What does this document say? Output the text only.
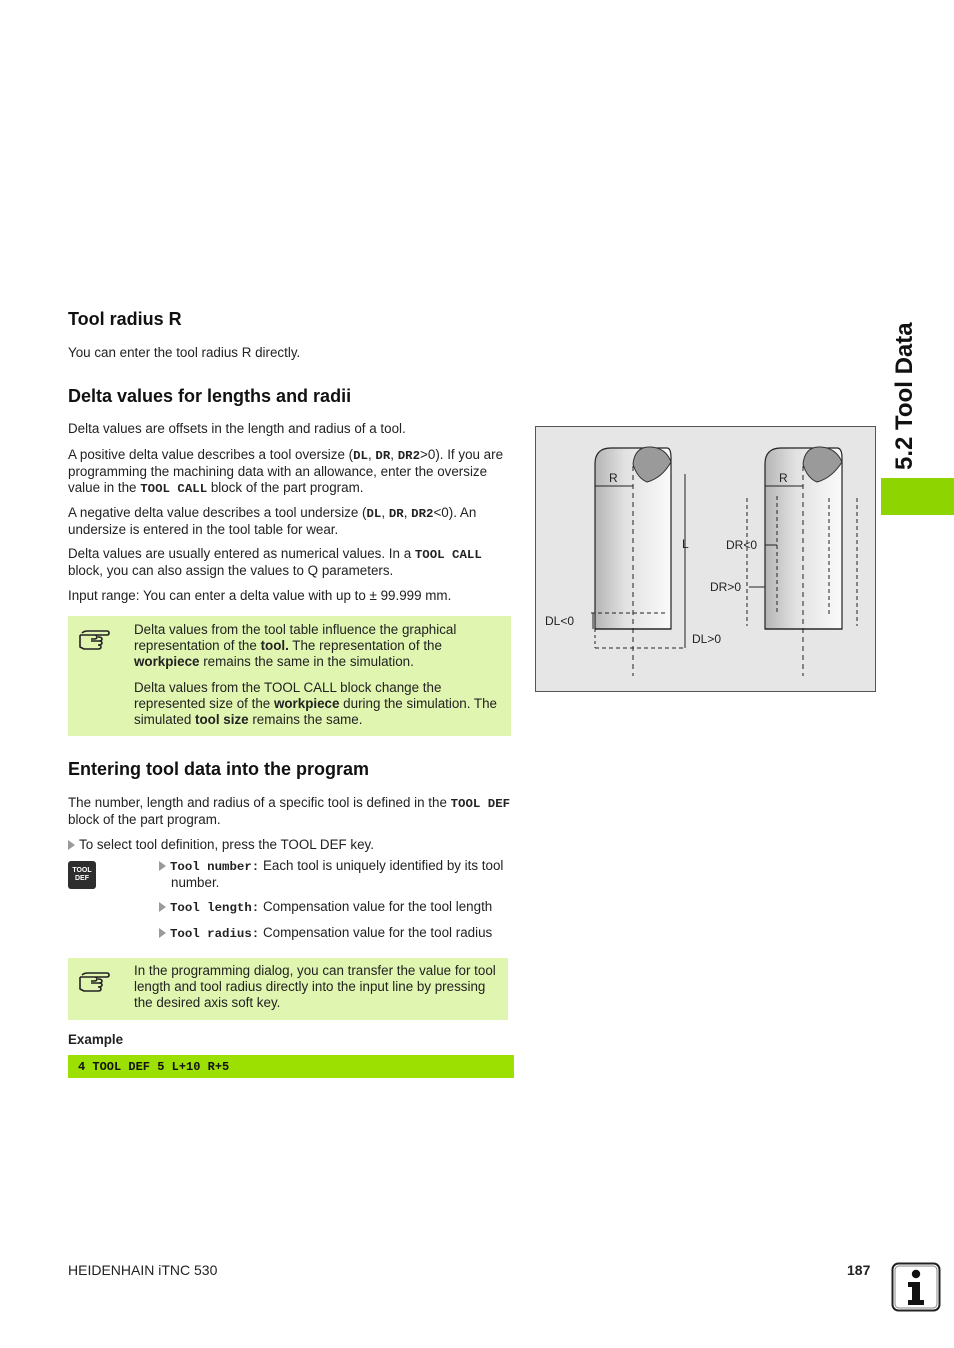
5.2 Tool Data
Tool radius R

You can enter the tool radius R directly.

Delta values for lengths and radii

Delta values are offsets in the length and radius of a tool.

A positive delta value describes a tool oversize (DL, DR, DR2>0). If you are programming the machining data with an allowance, enter the oversize value in the TOOL CALL block of the part program.

A negative delta value describes a tool undersize (DL, DR, DR2<0). An undersize is entered in the tool table for wear.

Delta values are usually entered as numerical values. In a TOOL CALL block, you can also assign the values to Q parameters.

Input range: You can enter a delta value with up to ± 99.999 mm.

Delta values from the tool table influence the graphical representation of the tool. The representation of the workpiece remains the same in the simulation.

Delta values from the TOOL CALL block change the represented size of the workpiece during the simulation. The simulated tool size remains the same.

R
L
DL<0
DL>0
R
DR<0
DR>0
Entering tool data into the program

The number, length and radius of a specific tool is defined in the TOOL DEF block of the part program.

To select tool definition, press the TOOL DEF key.

TOOL
DEF

Tool number: Each tool is uniquely identified by its tool number.

Tool length: Compensation value for the tool length

Tool radius: Compensation value for the tool radius

In the programming dialog, you can transfer the value for tool length and tool radius directly into the input line by pressing the desired axis soft key.

Example

4 TOOL DEF 5 L+10 R+5
HEIDENHAIN iTNC 530	187
